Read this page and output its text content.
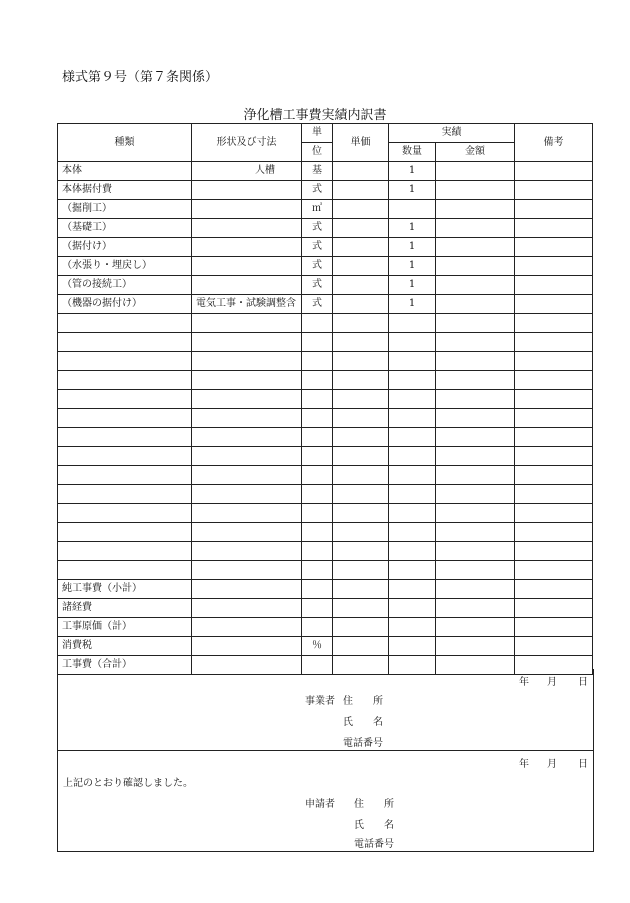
様式第９号（第７条関係）
浄化槽工事費実績内訳書
種類	形状及び寸法	単	単価	実績		備考
		位		数量	金額	
本体	人槽	基		1		
本体据付費		式		1		
（掘削工）		㎥				
（基礎工）		式		1		
（据付け）		式		1		
（水張り・埋戻し）		式		1		
（管の接続工）		式		1		
（機器の据付け）	電気工事・試験調整含	式		1		

純工事費（小計）						
諸経費						
工事原価（計）						
消費税		％				
工事費（合計）						
年 月 日
事業者 住　　所
氏　　名
電話番号
年 月 日
上記のとおり確認しました。
申請者 住　　所
氏　　名
電話番号
